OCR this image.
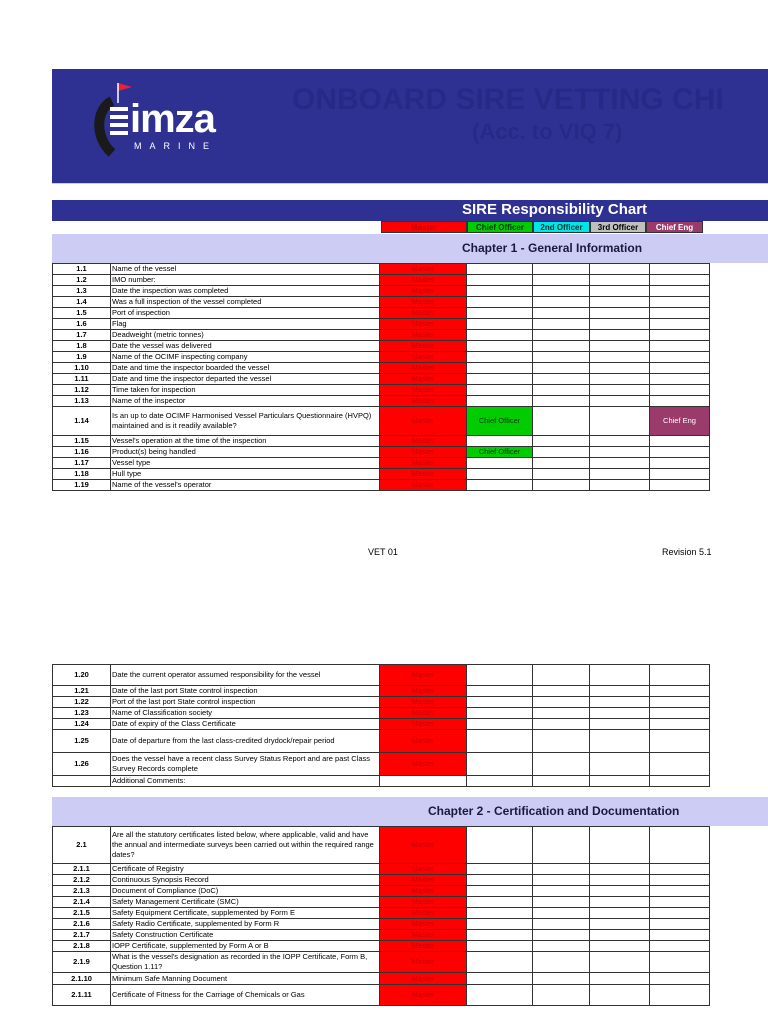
imza
MARINE
ONBOARD SIRE VETTING CHI
(Acc. to VIQ 7)
SIRE Responsibility Chart
Master	Chief Officer	2nd Officer	3rd Officer	Chief Eng
Chapter 1 - General Information
1.1	Name of the vessel	Master				
1.2	IMO number:	Master				
1.3	Date the inspection was completed	Master				
1.4	Was a full inspection of the vessel completed	Master				
1.5	Port of inspection	Master				
1.6	Flag	Master				
1.7	Deadweight (metric tonnes)	Master				
1.8	Date the vessel was delivered	Master				
1.9	Name of the OCIMF inspecting company	Master				
1.10	Date and time the inspector boarded the vessel	Master				
1.11	Date and time the inspector departed the vessel	Master				
1.12	Time taken for inspection	Master				
1.13	Name of the inspector	Master				
1.14	Is an up to date OCIMF Harmonised Vessel Particulars Questionnaire (HVPQ) maintained and is it readily available?	Master	Chief Officer			Chief Eng
1.15	Vessel's operation at the time of the inspection	Master				
1.16	Product(s) being handled	Master	Chief Officer			
1.17	Vessel type	Master				
1.18	Hull type	Master				
1.19	Name of the vessel's operator	Master				
VET 01	Revision 5.1
1.20	Date the current operator assumed responsibility for the vessel	Master				
1.21	Date of the last port State control inspection	Master				
1.22	Port of the last port State control inspection	Master				
1.23	Name of Classification society	Master				
1.24	Date of expiry of the Class Certificate	Master				
1.25	Date of departure from the last class-credited drydock/repair period	Master				
1.26	Does the vessel have a recent class Survey Status Report and are past Class Survey Records complete	Master				
	Additional Comments:					
Chapter 2 - Certification and Documentation
2.1	Are all the statutory certificates listed below, where applicable, valid and have the annual and intermediate surveys been carried out within the required range dates?	Master				
2.1.1	Certificate of Registry	Master				
2.1.2	Continuous Synopsis Record	Master				
2.1.3	Document of Compliance (DoC)	Master				
2.1.4	Safety Management Certificate (SMC)	Master				
2.1.5	Safety Equipment Certificate, supplemented by Form E	Master				
2.1.6	Safety Radio Certificate, supplemented by Form R	Master				
2.1.7	Safety Construction Certificate	Master				
2.1.8	IOPP Certificate, supplemented by Form A or B	Master				
2.1.9	What is the vessel's designation as recorded in the IOPP Certificate, Form B, Question 1.11?	Master				
2.1.10	Minimum Safe Manning Document	Master				
2.1.11	Certificate of Fitness for the Carriage of Chemicals or Gas	Master				
